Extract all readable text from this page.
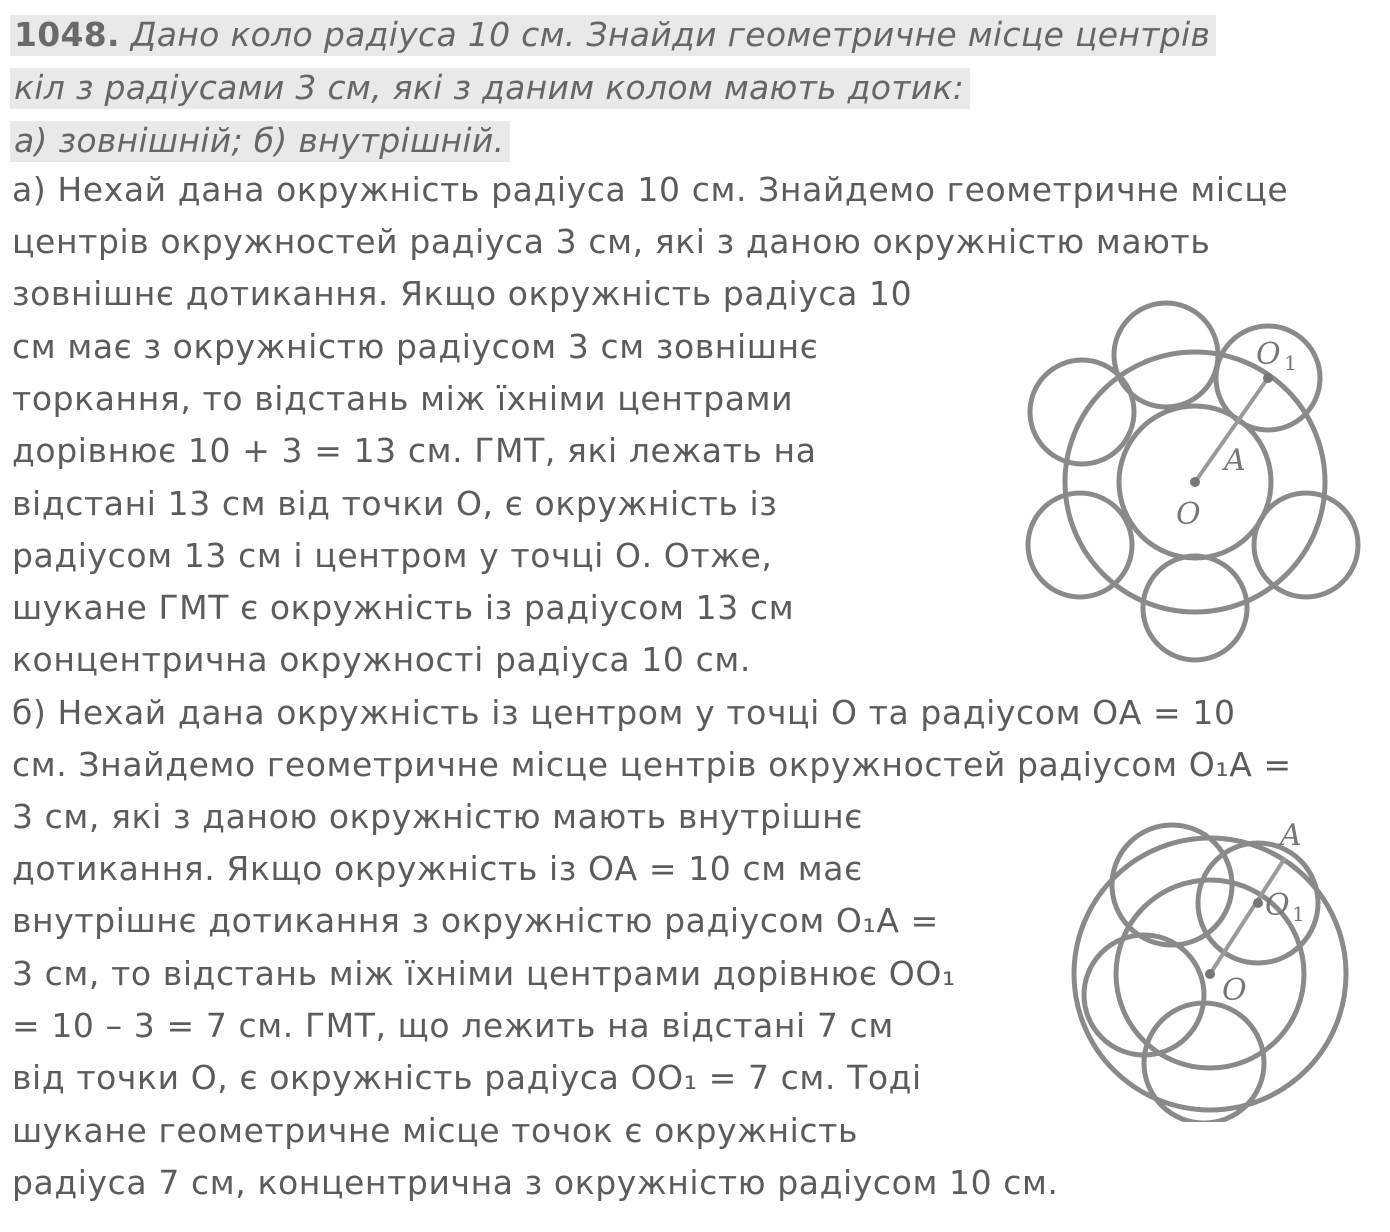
1048. Дано коло радіуса 10 см. Знайди геометричне місце центрів
кіл з радіусами 3 см, які з даним колом мають дотик:
а) зовнішній; б) внутрішній.
а) Нехай дана окружність радіуса 10 см. Знайдемо геометричне місце
центрів окружностей радіуса 3 см, які з даною окружністю мають
зовнішнє дотикання. Якщо окружність радіуса 10
см має з окружністю радіусом 3 см зовнішнє
торкання, то відстань між їхніми центрами
дорівнює 10 + 3 = 13 см. ГМТ, які лежать на
відстані 13 см від точки О, є окружність із
радіусом 13 см і центром у точці О. Отже,
шукане ГМТ є окружність із радіусом 13 см
концентрична окружності радіуса 10 см.
б) Нехай дана окружність із центром у точці О та радіусом ОА = 10
см. Знайдемо геометричне місце центрів окружностей радіусом О₁А =
3 см, які з даною окружністю мають внутрішнє
дотикання. Якщо окружність із ОА = 10 см має
внутрішнє дотикання з окружністю радіусом О₁А =
3 см, то відстань між їхніми центрами дорівнює ОО₁
= 10 – 3 = 7 см. ГМТ, що лежить на відстані 7 см
від точки О, є окружність радіуса ОО₁ = 7 см. Тоді
шукане геометричне місце точок є окружність
радіуса 7 см, концентрична з окружністю радіусом 10 см.
O 1
A
O
A
O 1
O
